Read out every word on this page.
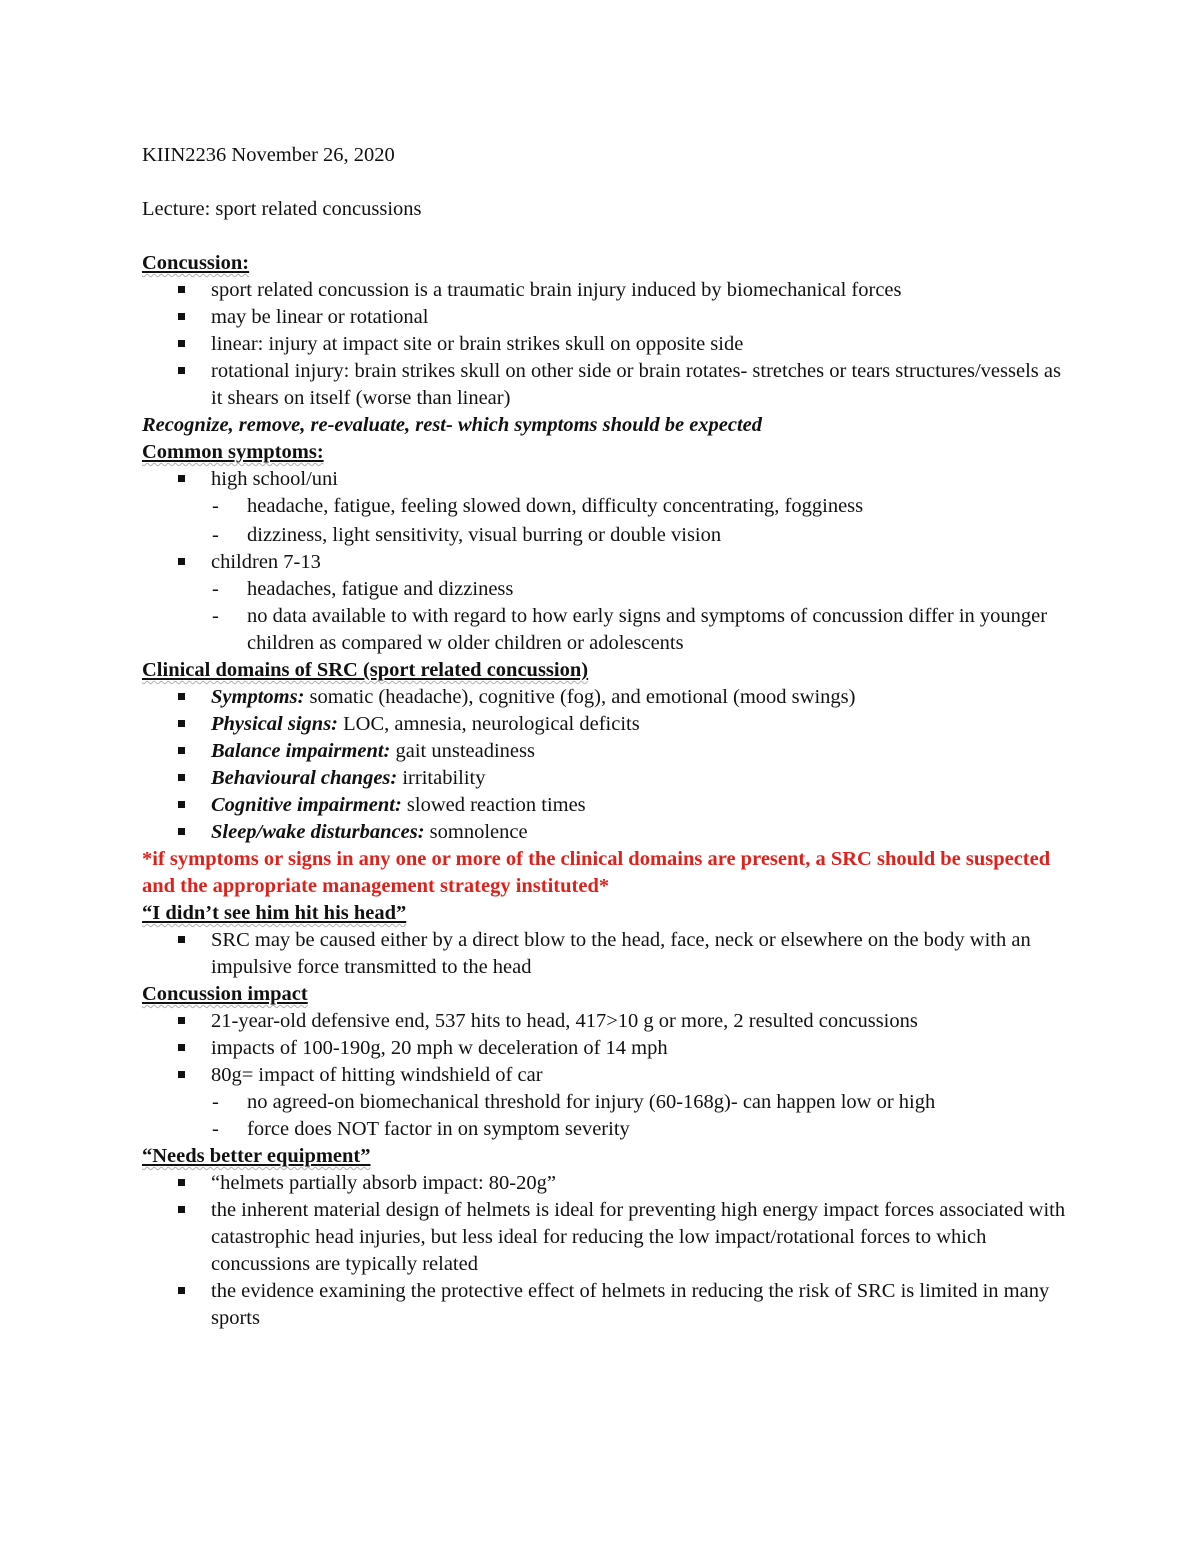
KIIN2236 November 26, 2020
Lecture: sport related concussions
Concussion:
sport related concussion is a traumatic brain injury induced by biomechanical forces
may be linear or rotational
linear: injury at impact site or brain strikes skull on opposite side
rotational injury: brain strikes skull on other side or brain rotates- stretches or tears structures/vessels as it shears on itself (worse than linear)
Recognize, remove, re-evaluate, rest- which symptoms should be expected
Common symptoms:
high school/uni
- headache, fatigue, feeling slowed down, difficulty concentrating, fogginess
- dizziness, light sensitivity, visual burring or double vision
children 7-13
- headaches, fatigue and dizziness
- no data available to with regard to how early signs and symptoms of concussion differ in younger children as compared w older children or adolescents
Clinical domains of SRC (sport related concussion)
Symptoms: somatic (headache), cognitive (fog), and emotional (mood swings)
Physical signs: LOC, amnesia, neurological deficits
Balance impairment: gait unsteadiness
Behavioural changes: irritability
Cognitive impairment: slowed reaction times
Sleep/wake disturbances: somnolence
*if symptoms or signs in any one or more of the clinical domains are present, a SRC should be suspected and the appropriate management strategy instituted*
“I didn’t see him hit his head”
SRC may be caused either by a direct blow to the head, face, neck or elsewhere on the body with an impulsive force transmitted to the head
Concussion impact
21-year-old defensive end, 537 hits to head, 417>10 g or more, 2 resulted concussions
impacts of 100-190g, 20 mph w deceleration of 14 mph
80g= impact of hitting windshield of car
- no agreed-on biomechanical threshold for injury (60-168g)- can happen low or high
- force does NOT factor in on symptom severity
“Needs better equipment”
“helmets partially absorb impact: 80-20g”
the inherent material design of helmets is ideal for preventing high energy impact forces associated with catastrophic head injuries, but less ideal for reducing the low impact/rotational forces to which concussions are typically related
the evidence examining the protective effect of helmets in reducing the risk of SRC is limited in many sports
